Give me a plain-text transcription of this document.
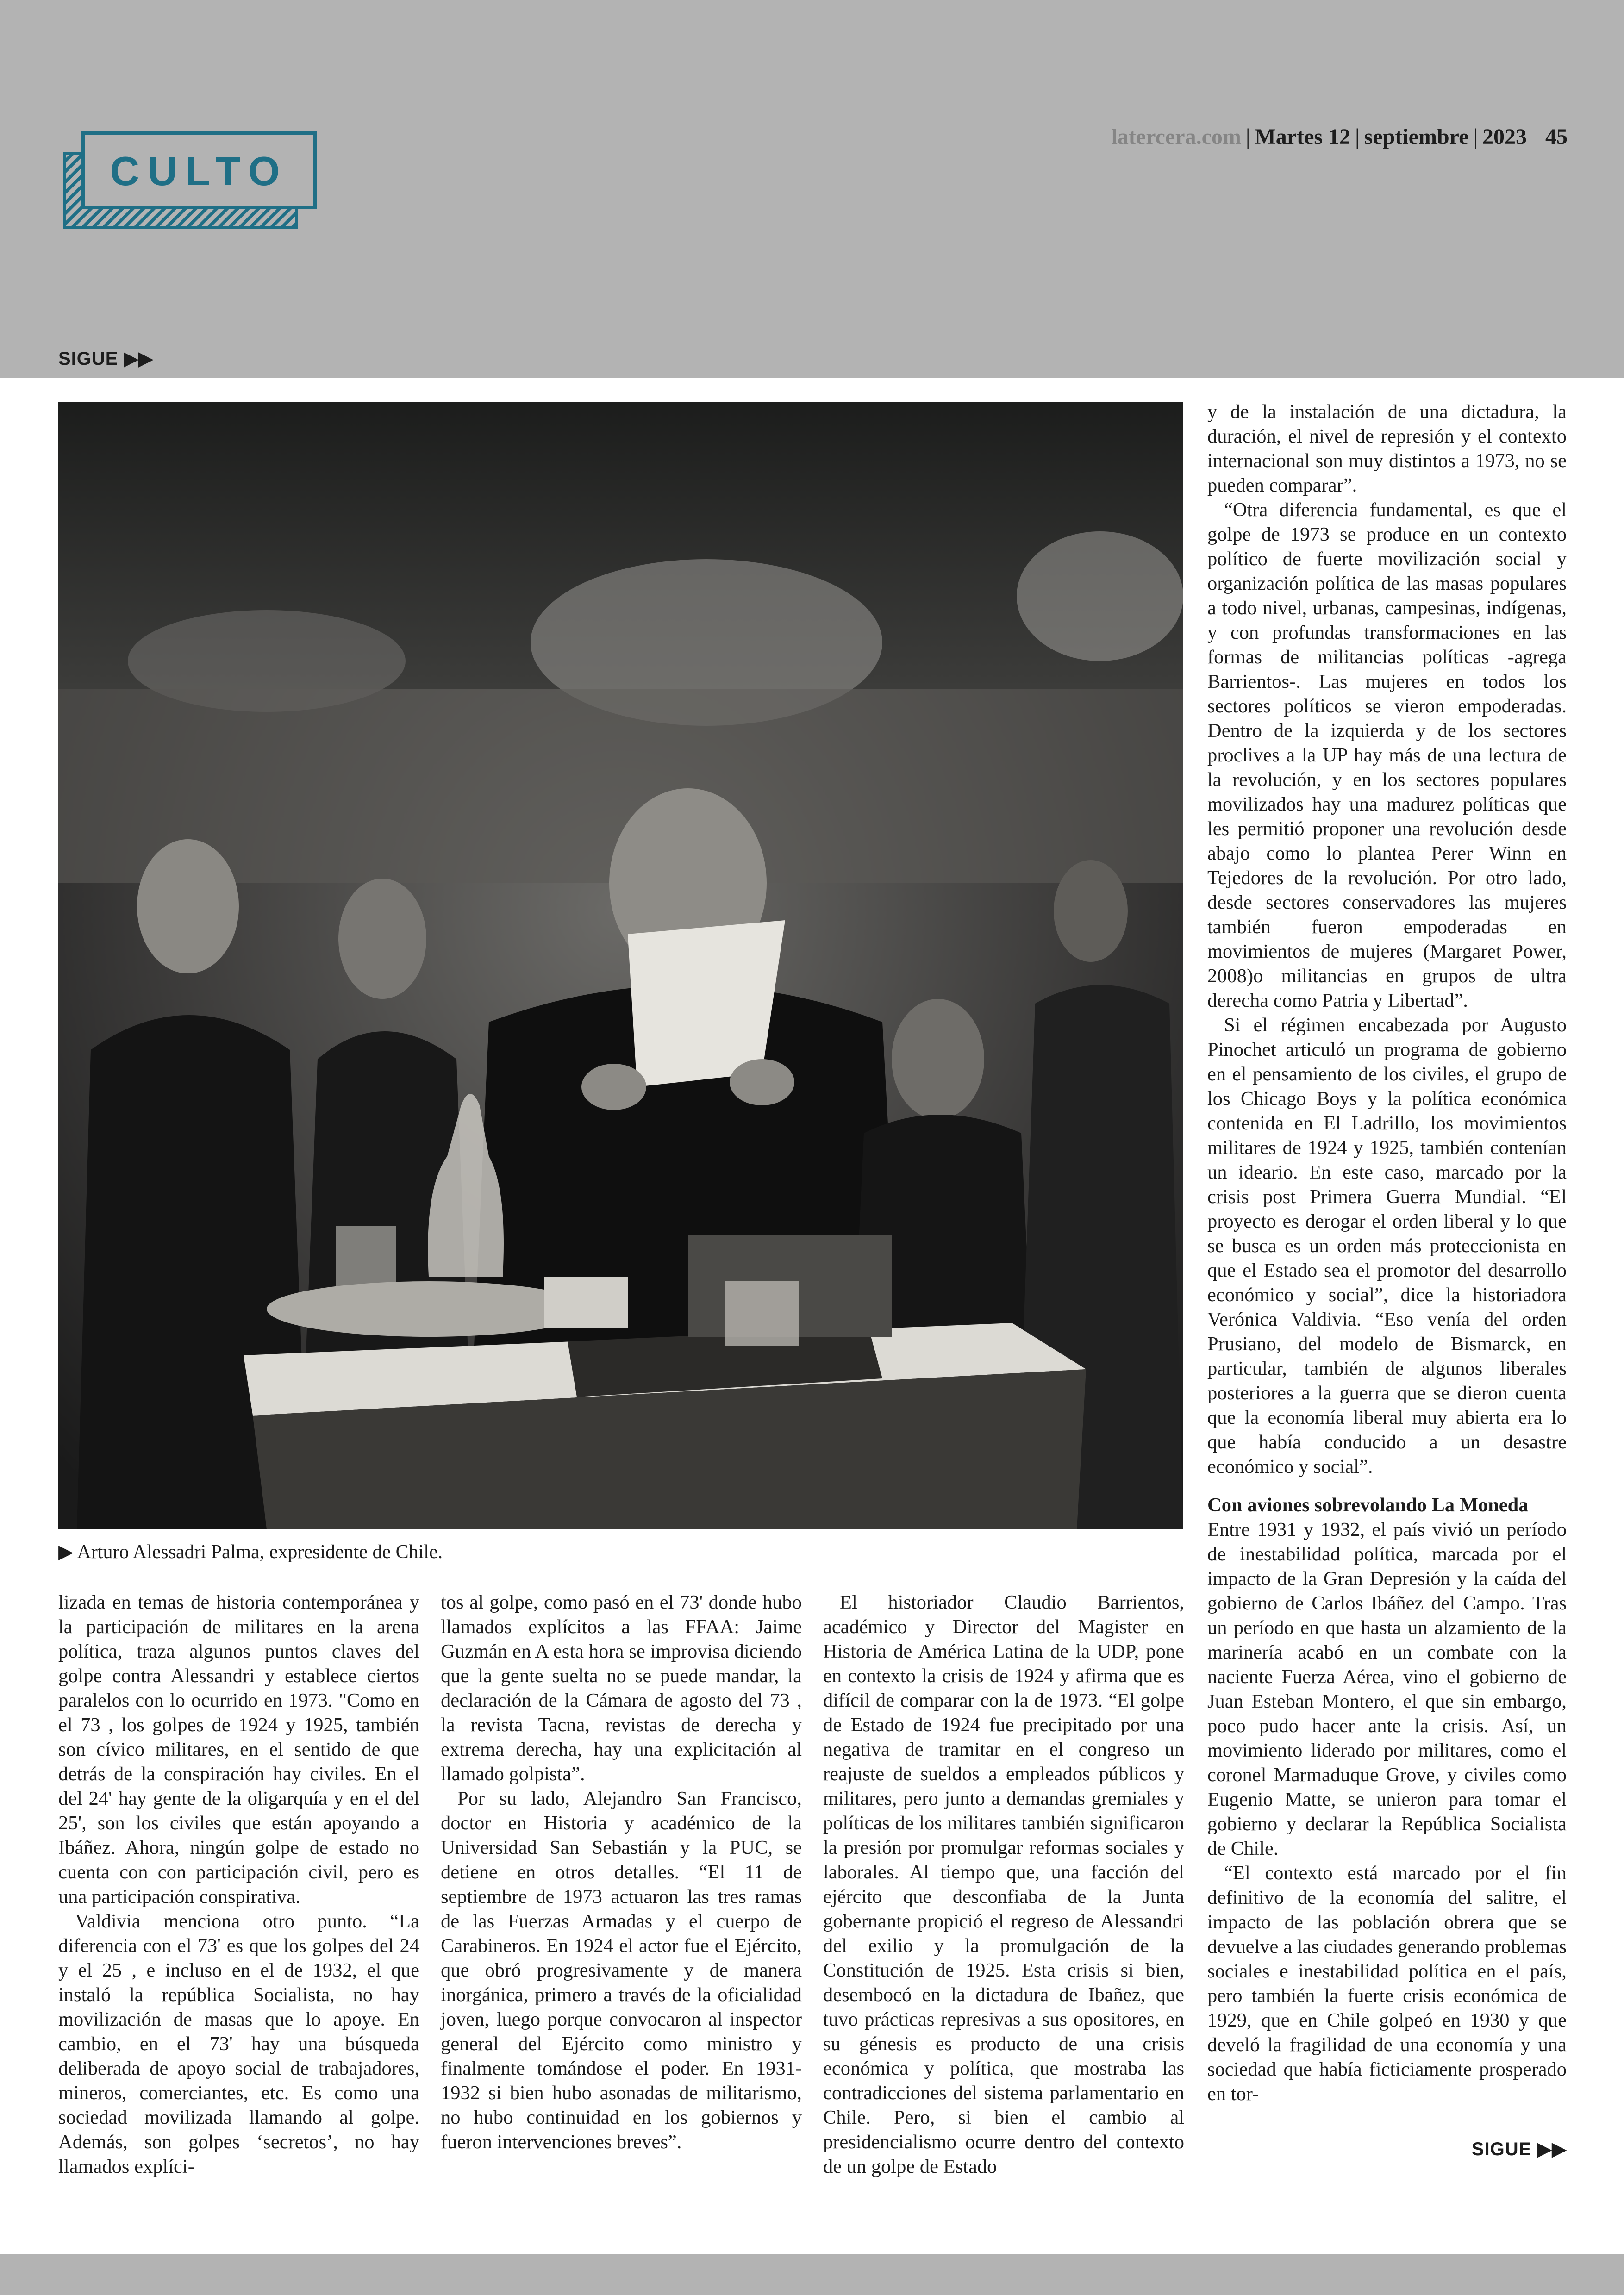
CULTO
latercera.com | Martes 12 | septiembre | 2023 45
SIGUE ▶▶
▶ Arturo Alessadri Palma, expresidente de Chile.

lizada en temas de historia contemporánea y la participación de militares en la arena política, traza algunos puntos claves del golpe contra Alessandri y establece ciertos paralelos con lo ocurrido en 1973. "Como en el 73 , los golpes de 1924 y 1925, también son cívico militares, en el sentido de que detrás de la conspiración hay civiles. En el del 24' hay gente de la oligarquía y en el del 25', son los civiles que están apoyando a Ibáñez. Ahora, ningún golpe de estado no cuenta con con participación civil, pero es una participación conspirativa.

Valdivia menciona otro punto. “La diferencia con el 73' es que los golpes del 24 y el 25 , e incluso en el de 1932, el que instaló la república Socialista, no hay movilización de masas que lo apoye. En cambio, en el 73' hay una búsqueda deliberada de apoyo social de trabajadores, mineros, comerciantes, etc. Es como una sociedad movilizada llamando al golpe. Además, son golpes ‘secretos’, no hay llamados explíci-

tos al golpe, como pasó en el 73' donde hubo llamados explícitos a las FFAA: Jaime Guzmán en A esta hora se improvisa diciendo que la gente suelta no se puede mandar, la declaración de la Cámara de agosto del 73 , la revista Tacna, revistas de derecha y extrema derecha, hay una explicitación al llamado golpista”.

Por su lado, Alejandro San Francisco, doctor en Historia y académico de la Universidad San Sebastián y la PUC, se detiene en otros detalles. “El 11 de septiembre de 1973 actuaron las tres ramas de las Fuerzas Armadas y el cuerpo de Carabineros. En 1924 el actor fue el Ejército, que obró progresivamente y de manera inorgánica, primero a través de la oficialidad joven, luego porque convocaron al inspector general del Ejército como ministro y finalmente tomándose el poder. En 1931-1932 si bien hubo asonadas de militarismo, no hubo continuidad en los gobiernos y fueron intervenciones breves”.

El historiador Claudio Barrientos, académico y Director del Magister en Historia de América Latina de la UDP, pone en contexto la crisis de 1924 y afirma que es difícil de comparar con la de 1973. “El golpe de Estado de 1924 fue precipitado por una negativa de tramitar en el congreso un reajuste de sueldos a empleados públicos y militares, pero junto a demandas gremiales y políticas de los militares también significaron la presión por promulgar reformas sociales y laborales. Al tiempo que, una facción del ejército que desconfiaba de la Junta gobernante propició el regreso de Alessandri del exilio y la promulgación de la Constitución de 1925. Esta crisis si bien, desembocó en la dictadura de Ibañez, que tuvo prácticas represivas a sus opositores, en su génesis es producto de una crisis económica y política, que mostraba las contradicciones del sistema parlamentario en Chile. Pero, si bien el cambio al presidencialismo ocurre dentro del contexto de un golpe de Estado

y de la instalación de una dictadura, la duración, el nivel de represión y el contexto internacional son muy distintos a 1973, no se pueden comparar”.

“Otra diferencia fundamental, es que el golpe de 1973 se produce en un contexto político de fuerte movilización social y organización política de las masas populares a todo nivel, urbanas, campesinas, indígenas, y con profundas transformaciones en las formas de militancias políticas -agrega Barrientos-. Las mujeres en todos los sectores políticos se vieron empoderadas. Dentro de la izquierda y de los sectores proclives a la UP hay más de una lectura de la revolución, y en los sectores populares movilizados hay una madurez políticas que les permitió proponer una revolución desde abajo como lo plantea Perer Winn en Tejedores de la revolución. Por otro lado, desde sectores conservadores las mujeres también fueron empoderadas en movimientos de mujeres (Margaret Power, 2008)o militancias en grupos de ultra derecha como Patria y Libertad”.

Si el régimen encabezada por Augusto Pinochet articuló un programa de gobierno en el pensamiento de los civiles, el grupo de los Chicago Boys y la política económica contenida en El Ladrillo, los movimientos militares de 1924 y 1925, también contenían un ideario. En este caso, marcado por la crisis post Primera Guerra Mundial. “El proyecto es derogar el orden liberal y lo que se busca es un orden más proteccionista en que el Estado sea el promotor del desarrollo económico y social”, dice la historiadora Verónica Valdivia. “Eso venía del orden Prusiano, del modelo de Bismarck, en particular, también de algunos liberales posteriores a la guerra que se dieron cuenta que la economía liberal muy abierta era lo que había conducido a un desastre económico y social”.

Con aviones sobrevolando La Moneda

Entre 1931 y 1932, el país vivió un período de inestabilidad política, marcada por el impacto de la Gran Depresión y la caída del gobierno de Carlos Ibáñez del Campo. Tras un período en que hasta un alzamiento de la marinería acabó en un combate con la naciente Fuerza Aérea, vino el gobierno de Juan Esteban Montero, el que sin embargo, poco pudo hacer ante la crisis. Así, un movimiento liderado por militares, como el coronel Marmaduque Grove, y civiles como Eugenio Matte, se unieron para tomar el gobierno y declarar la República Socialista de Chile.

“El contexto está marcado por el fin definitivo de la economía del salitre, el impacto de las población obrera que se devuelve a las ciudades generando problemas sociales e inestabilidad política en el país, pero también la fuerte crisis económica de 1929, que en Chile golpeó en 1930 y que develó la fragilidad de una economía y una sociedad que había ficticiamente prosperado en tor-

SIGUE ▶▶
